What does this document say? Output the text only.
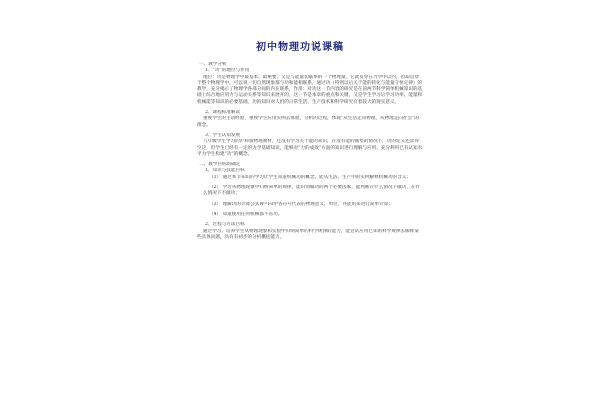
初中物理功说课稿
一、教学分析
1、“功”的地位与作用
地位：功是物理学中最基本、最重要、又是与能量切联系的一个物理量，它就贯穿在力学中以内，但却贯穿于整个物理学中，可以说一切自然现象都与功和能相联系，通过功（特别以后关于能的转化与能量守恒定律）的教学，充分揭示了物理学各部分间的内在联系，作用：对功这一节内容的研究是在前两节科学简单机械知识的基础上综合地应用力与运动关系等知识来展开的，这一节是本章的重点和关键，又是学生学习后学习功率、能量和机械能等知识的必要基础，功的知识对人们的日常生活、生产技术和科学研究有着较大的现实意义。
2、课程标准解读
重视学生的主动经验，重视学生应用实例去体验，分析的过程，体现“从生活走向物理，从物理走向社会”的理念。
3、学生认知发展
八年级学生学习的沪科版物理教材，还没有学习关于能的知识，在没有能的铺垫的情况下，功的定义还显得空泛，但学生已经有一定的力学基础知识，能够对“力的成效”方面的知识进行理解与应用，充分利用已有认知水平为学生构建“功”的概念。
二、教学目标的确定
1、知识与技能目标
（1） 通过本节知识的学习让学生知道机械功的概念，能从生活、生产中的实例解释机械功的含义；
（2） 学习从物理现象中归纳简单的规律，能识别做功的两个必要因素，能判断在什么情况下做功，在什么情况下不做功；
（3） 理解功的计算公式W=Fs中各符号代表的物理意义，单位，并能用来进行简单计算；
（4） 知道使用任何机械都不省功。
2、过程与方法目标
通过学习，培养学生从物理现象和实验中归纳简单的科学规律的能力，能尝试应用已知的科学规律去解释某些具体问题，具有有初步的分析概括能力。
